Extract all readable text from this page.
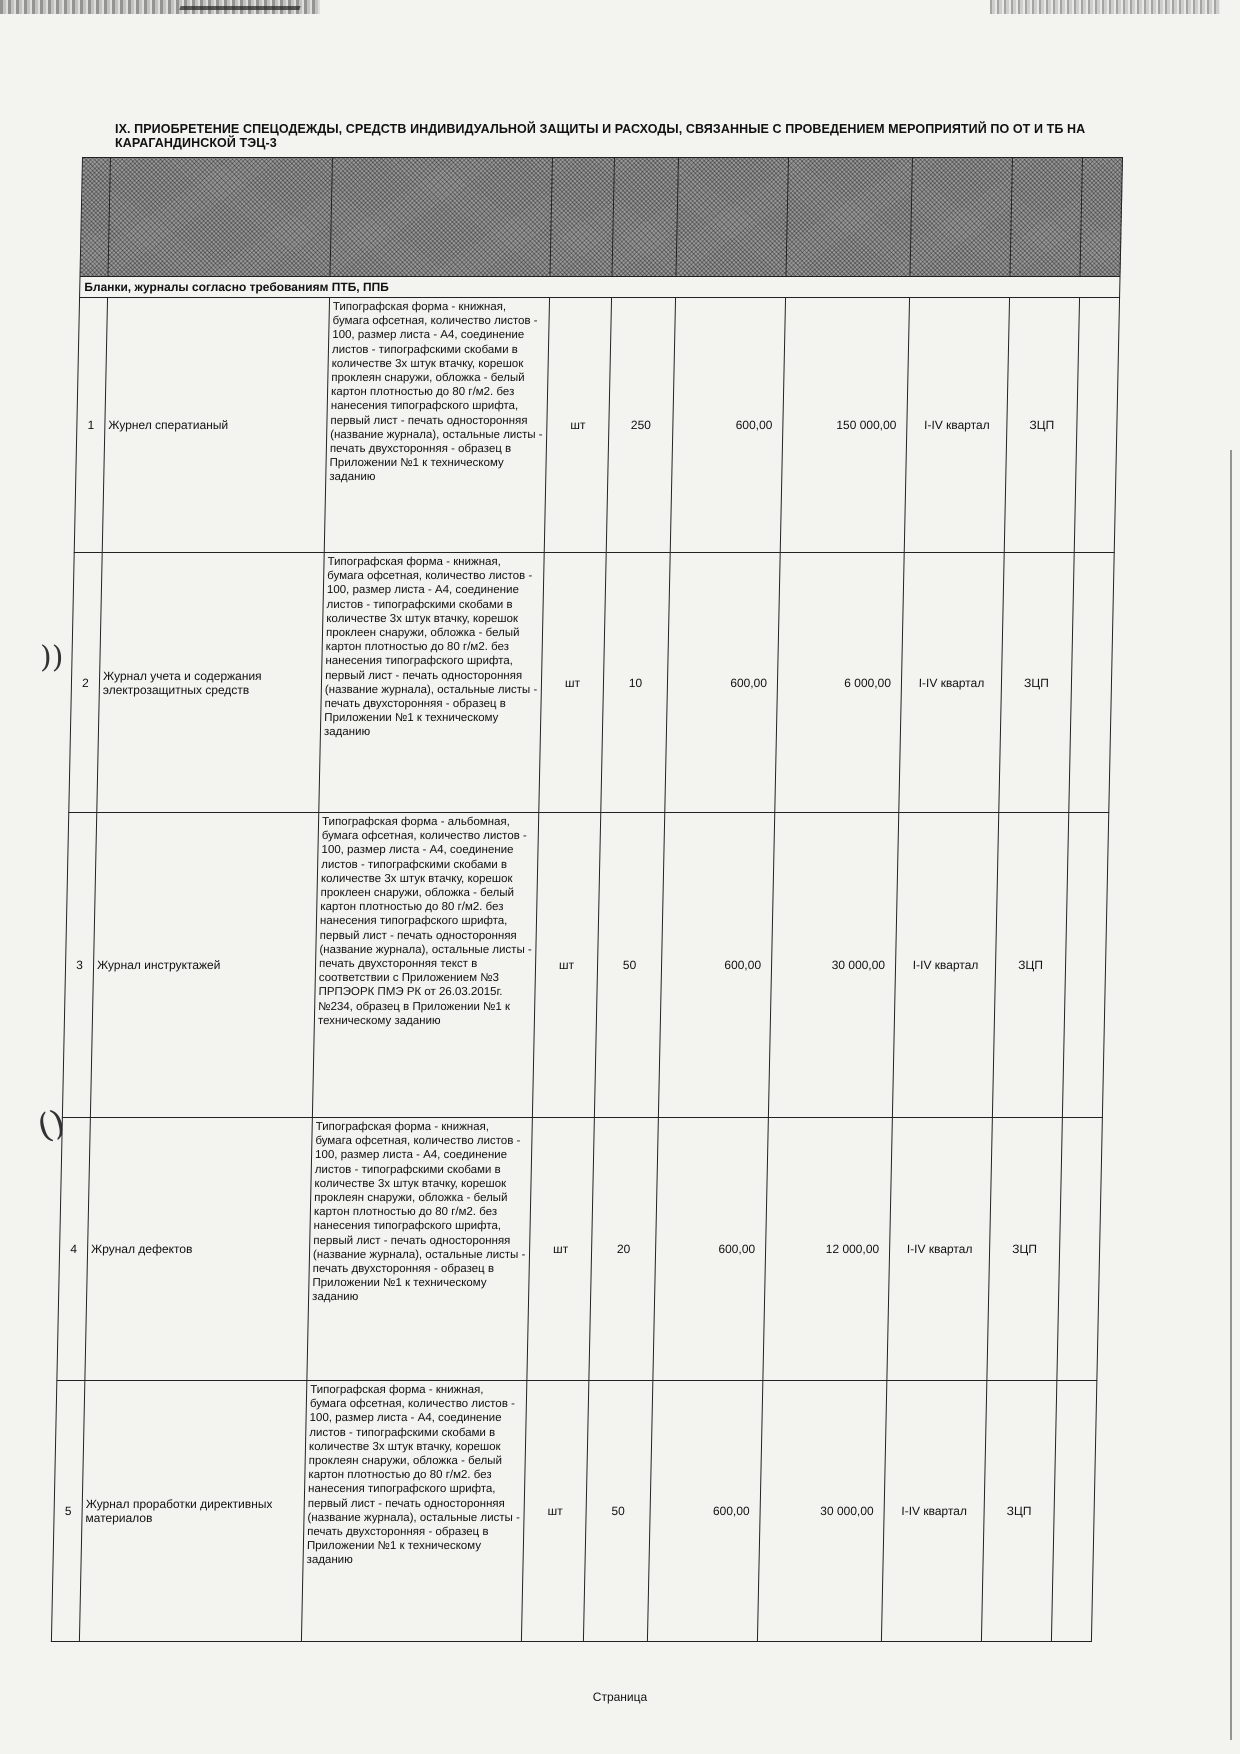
))
()
IX. ПРИОБРЕТЕНИЕ СПЕЦОДЕЖДЫ, СРЕДСТВ ИНДИВИДУАЛЬНОЙ ЗАЩИТЫ И РАСХОДЫ, СВЯЗАННЫЕ С ПРОВЕДЕНИЕМ МЕРОПРИЯТИЙ ПО ОТ И ТБ НА КАРАГАНДИНСКОЙ ТЭЦ-3

Бланки, журналы согласно требованиям ПТБ, ППБ									
1	Журнел сператианый	Типографская форма - книжная, бумага офсетная, количество листов - 100, размер листа - А4, соединение листов - типографскими скобами в количестве 3х штук втачку, корешок проклеян снаружи, обложка - белый картон плотностью до 80 г/м2. без нанесения типографского шрифта, первый лист - печать односторонняя (название журнала), остальные листы - печать двухсторонняя - образец в Приложении №1 к техническому заданию	шт	250	600,00	150 000,00	I-IV квартал	ЗЦП	
2	Журнал учета и содержания электрозащитных средств	Типографская форма - книжная, бумага офсетная, количество листов - 100, размер листа - А4, соединение листов - типографскими скобами в количестве 3х штук втачку, корешок проклеен снаружи, обложка - белый картон плотностью до 80 г/м2. без нанесения типографского шрифта, первый лист - печать односторонняя (название журнала), остальные листы - печать двухсторонняя - образец в Приложении №1 к техническому заданию	шт	10	600,00	6 000,00	I-IV квартал	ЗЦП	
3	Журнал инструктажей	Типографская форма - альбомная, бумага офсетная, количество листов - 100, размер листа - А4, соединение листов - типографскими скобами в количестве 3х штук втачку, корешок проклеен снаружи, обложка - белый картон плотностью до 80 г/м2. без нанесения типографского шрифта, первый лист - печать односторонняя (название журнала), остальные листы - печать двухсторонняя текст в соответствии с Приложением №3 ПРПЭОРК ПМЭ РК от 26.03.2015г. №234, образец в Приложении №1 к техническому заданию	шт	50	600,00	30 000,00	I-IV квартал	ЗЦП	
4	Жрунал дефектов	Типографская форма - книжная, бумага офсетная, количество листов - 100, размер листа - А4, соединение листов - типографскими скобами в количестве 3х штук втачку, корешок проклеян снаружи, обложка - белый картон плотностью до 80 г/м2. без нанесения типографского шрифта, первый лист - печать односторонняя (название журнала), остальные листы - печать двухсторонняя - образец в Приложении №1 к техническому заданию	шт	20	600,00	12 000,00	I-IV квартал	ЗЦП	
5	Журнал проработки директивных материалов	Типографская форма - книжная, бумага офсетная, количество листов - 100, размер листа - А4, соединение листов - типографскими скобами в количестве 3х штук втачку, корешок проклеян снаружи, обложка - белый картон плотностью до 80 г/м2. без нанесения типографского шрифта, первый лист - печать односторонняя (название журнала), остальные листы - печать двухсторонняя - образец в Приложении №1 к техническому заданию	шт	50	600,00	30 000,00	I-IV квартал	ЗЦП	
Страница
